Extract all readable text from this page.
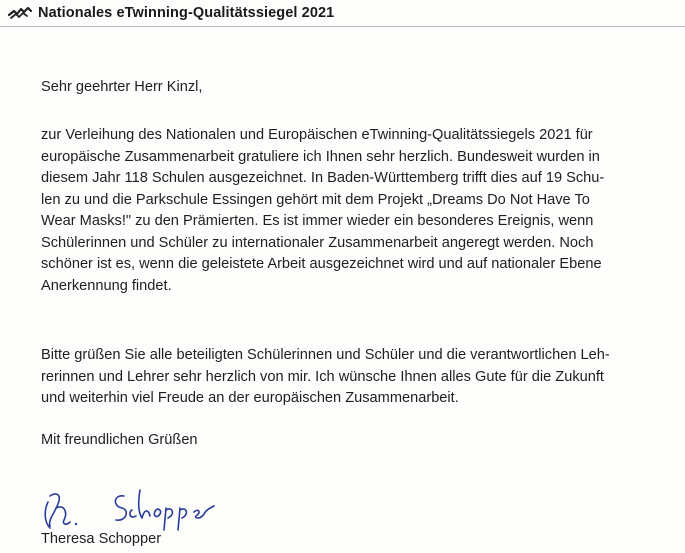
Nationales eTwinning-Qualitätssiegel 2021

Sehr geehrter Herr Kinzl,

zur Verleihung des Nationalen und Europäischen eTwinning-Qualitätssiegels 2021 für
europäische Zusammenarbeit gratuliere ich Ihnen sehr herzlich. Bundesweit wurden in
diesem Jahr 118 Schulen ausgezeichnet. In Baden-Württemberg trifft dies auf 19 Schu-
len zu und die Parkschule Essingen gehört mit dem Projekt „Dreams Do Not Have To
Wear Masks!" zu den Prämierten. Es ist immer wieder ein besonderes Ereignis, wenn
Schülerinnen und Schüler zu internationaler Zusammenarbeit angeregt werden. Noch
schöner ist es, wenn die geleistete Arbeit ausgezeichnet wird und auf nationaler Ebene
Anerkennung findet.

Bitte grüßen Sie alle beteiligten Schülerinnen und Schüler und die verantwortlichen Leh-
rerinnen und Lehrer sehr herzlich von mir. Ich wünsche Ihnen alles Gute für die Zukunft
und weiterhin viel Freude an der europäischen Zusammenarbeit.

Mit freundlichen Grüßen

Theresa Schopper
